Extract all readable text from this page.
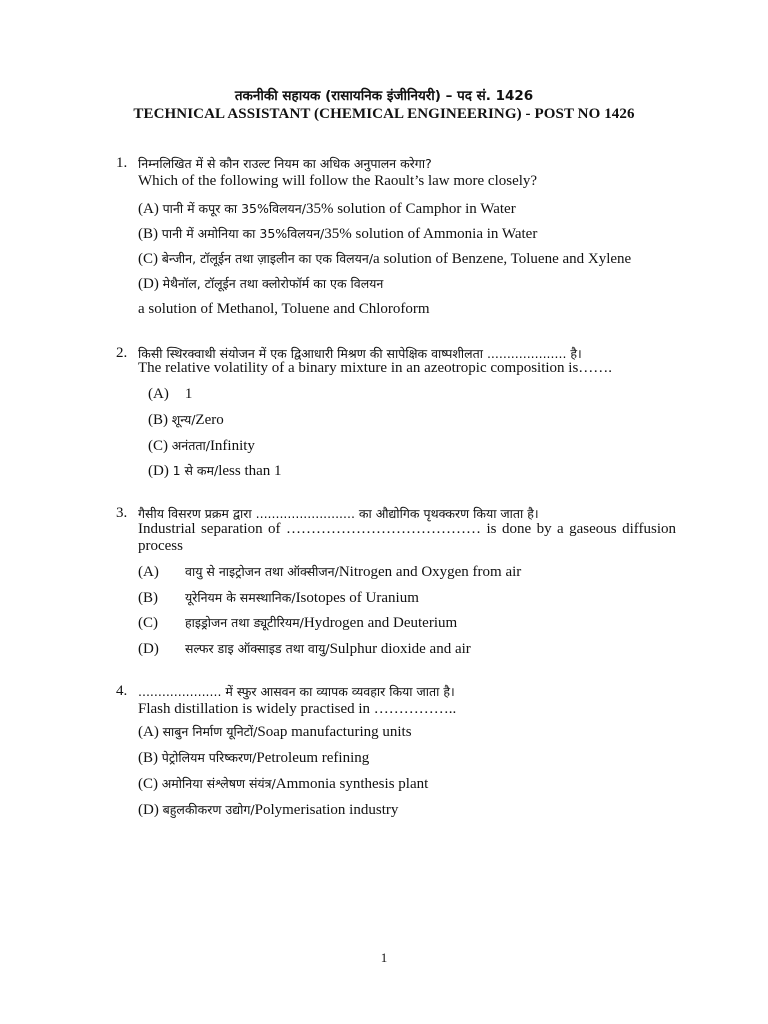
तकनीकी सहायक (रासायनिक इंजीनियरी) – पद सं. 1426
TECHNICAL ASSISTANT (CHEMICAL ENGINEERING) - POST NO 1426
1. निम्नलिखित में से कौन राउल्ट नियम का अधिक अनुपालन करेगा?
Which of the following will follow the Raoult’s law more closely?
(A) पानी में कपूर का 35%विलयन/35% solution of Camphor in Water
(B) पानी में अमोनिया का 35%विलयन/35% solution of Ammonia in Water
(C) बेन्जीन, टॉलूईन तथा ज़ाइलीन का एक विलयन/a solution of Benzene, Toluene and Xylene
(D) मेथैनॉल, टॉलूईन तथा क्लोरोफॉर्म का एक विलयन
a solution of Methanol, Toluene and Chloroform
2. किसी स्थिरक्वाथी संयोजन में एक द्विआधारी मिश्रण की सापेक्षिक वाष्पशीलता .................... है।
The relative volatility of a binary mixture in an azeotropic composition is…….
(A) 1
(B) शून्य/Zero
(C) अनंतता/Infinity
(D) 1 से कम/less than 1
3. गैसीय विसरण प्रक्रम द्वारा ......................... का औद्योगिक पृथक्करण किया जाता है।
Industrial separation of ………………………………… is done by a gaseous diffusion process
(A) वायु से नाइट्रोजन तथा ऑक्सीजन/Nitrogen and Oxygen from air
(B) यूरेनियम के समस्थानिक/Isotopes of Uranium
(C) हाइड्रोजन तथा ड्यूटीरियम/Hydrogen and Deuterium
(D) सल्फर डाइ ऑक्साइड तथा वायु/Sulphur dioxide and air
4. ..................... में स्फुर आसवन का व्यापक व्यवहार किया जाता है।
Flash distillation is widely practised in ……………..
(A) साबुन निर्माण यूनिटों/Soap manufacturing units
(B) पेट्रोलियम परिष्करण/Petroleum refining
(C) अमोनिया संश्लेषण संयंत्र/Ammonia synthesis plant
(D) बहुलकीकरण उद्योग/Polymerisation industry
1
